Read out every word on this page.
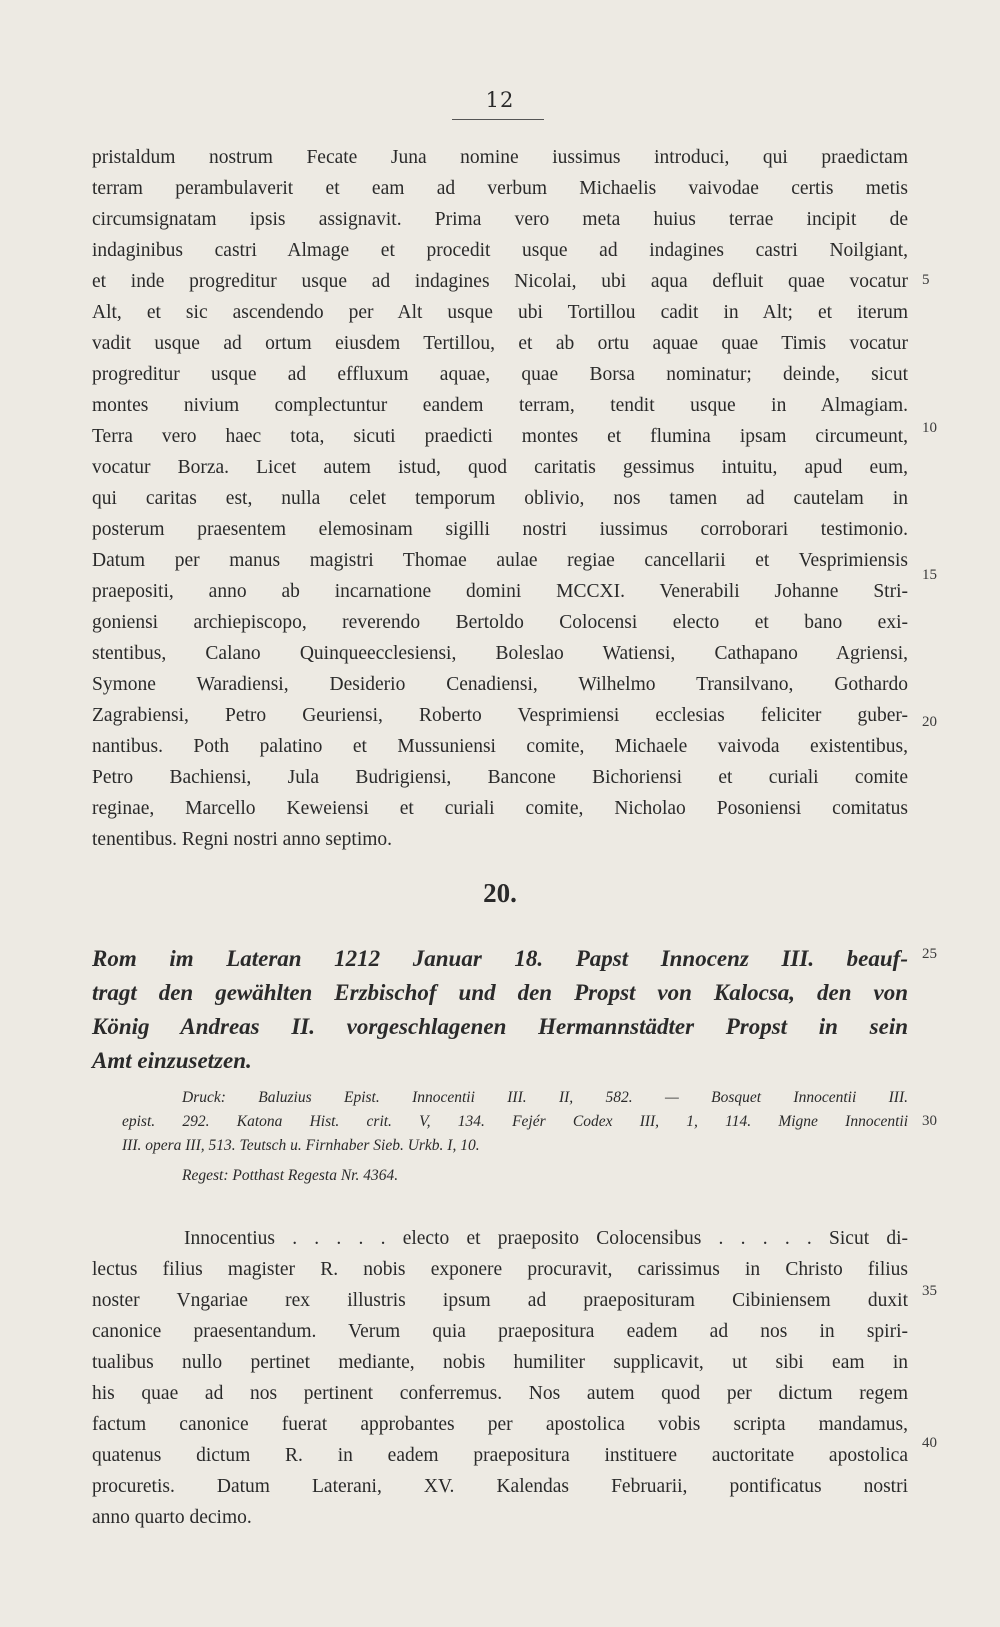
12
pristaldum nostrum Fecate Juna nomine iussimus introduci, qui praedictam
terram perambulaverit et eam ad verbum Michaelis vaivodae certis metis
circumsignatam ipsis assignavit. Prima vero meta huius terrae incipit de
indaginibus castri Almage et procedit usque ad indagines castri Noilgiant,
et inde progreditur usque ad indagines Nicolai, ubi aqua defluit quae vocatur
Alt, et sic ascendendo per Alt usque ubi Tortillou cadit in Alt; et iterum
vadit usque ad ortum eiusdem Tertillou, et ab ortu aquae quae Timis vocatur
progreditur usque ad effluxum aquae, quae Borsa nominatur; deinde, sicut
montes nivium complectuntur eandem terram, tendit usque in Almagiam.
Terra vero haec tota, sicuti praedicti montes et flumina ipsam circumeunt,
vocatur Borza. Licet autem istud, quod caritatis gessimus intuitu, apud eum,
qui caritas est, nulla celet temporum oblivio, nos tamen ad cautelam in
posterum praesentem elemosinam sigilli nostri iussimus corroborari testimonio.
Datum per manus magistri Thomae aulae regiae cancellarii et Vesprimiensis
praepositi, anno ab incarnatione domini MCCXI. Venerabili Johanne Stri-
goniensi archiepiscopo, reverendo Bertoldo Colocensi electo et bano exi-
stentibus, Calano Quinqueecclesiensi, Boleslao Watiensi, Cathapano Agriensi,
Symone Waradiensi, Desiderio Cenadiensi, Wilhelmo Transilvano, Gothardo
Zagrabiensi, Petro Geuriensi, Roberto Vesprimiensi ecclesias feliciter guber-
nantibus. Poth palatino et Mussuniensi comite, Michaele vaivoda existentibus,
Petro Bachiensi, Jula Budrigiensi, Bancone Bichoriensi et curiali comite
reginae, Marcello Keweiensi et curiali comite, Nicholao Posoniensi comitatus
tenentibus. Regni nostri anno septimo.
20.
Rom im Lateran 1212 Januar 18. Papst Innocenz III. beauf-
tragt den gewählten Erzbischof und den Propst von Kalocsa, den von
König Andreas II. vorgeschlagenen Hermannstädter Propst in sein
Amt einzusetzen.
Druck: Baluzius Epist. Innocentii III. II, 582. — Bosquet Innocentii III.
epist. 292. Katona Hist. crit. V, 134. Fejér Codex III, 1, 114. Migne Innocentii
III. opera III, 513. Teutsch u. Firnhaber Sieb. Urkb. I, 10.
Regest: Potthast Regesta Nr. 4364.
Innocentius . . . . . electo et praeposito Colocensibus . . . . . Sicut di-
lectus filius magister R. nobis exponere procuravit, carissimus in Christo filius
noster Vngariae rex illustris ipsum ad praeposituram Cibiniensem duxit
canonice praesentandum. Verum quia praepositura eadem ad nos in spiri-
tualibus nullo pertinet mediante, nobis humiliter supplicavit, ut sibi eam in
his quae ad nos pertinent conferremus. Nos autem quod per dictum regem
factum canonice fuerat approbantes per apostolica vobis scripta mandamus,
quatenus dictum R. in eadem praepositura instituere auctoritate apostolica
procuretis. Datum Laterani, XV. Kalendas Februarii, pontificatus nostri
anno quarto decimo.
5
10
15
20
25
30
35
40
